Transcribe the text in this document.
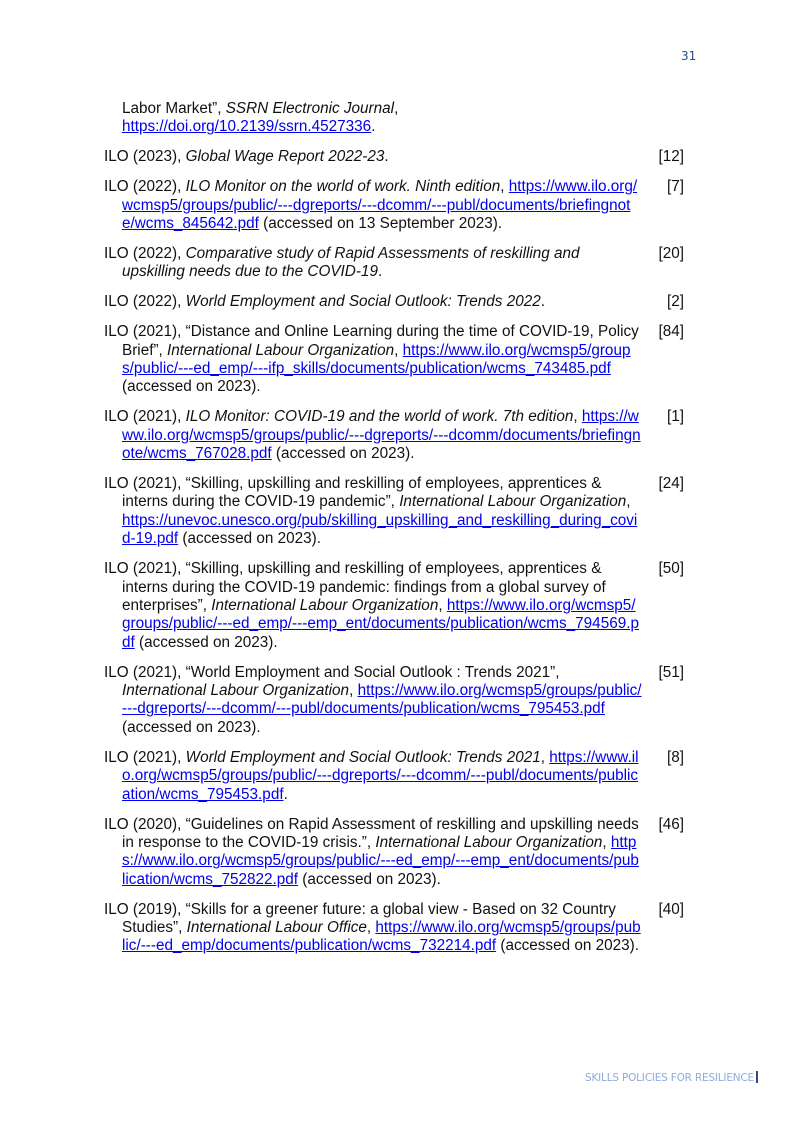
31
Labor Market”, SSRN Electronic Journal,
https://doi.org/10.2139/ssrn.4527336.
ILO (2023), Global Wage Report 2022-23.	[12]
ILO (2022), ILO Monitor on the world of work. Ninth edition, https://www.ilo.org/wcmsp5/groups/public/---dgreports/---dcomm/---publ/documents/briefingnote/wcms_845642.pdf (accessed on 13 September 2023).
[7]
ILO (2022), Comparative study of Rapid Assessments of reskilling and upskilling needs due to the COVID-19.
[20]
ILO (2022), World Employment and Social Outlook: Trends 2022.	[2]
ILO (2021), “Distance and Online Learning during the time of COVID-19, Policy Brief”, International Labour Organization, https://www.ilo.org/wcmsp5/groups/public/---ed_emp/---ifp_skills/documents/publication/wcms_743485.pdf (accessed on 2023).
[84]
ILO (2021), ILO Monitor: COVID-19 and the world of work. 7th edition, https://www.ilo.org/wcmsp5/groups/public/---dgreports/---dcomm/documents/briefingnote/wcms_767028.pdf (accessed on 2023).
[1]
ILO (2021), “Skilling, upskilling and reskilling of employees, apprentices & interns during the COVID-19 pandemic”, International Labour Organization, https://unevoc.unesco.org/pub/skilling_upskilling_and_reskilling_during_covid-19.pdf (accessed on 2023).
[24]
ILO (2021), “Skilling, upskilling and reskilling of employees, apprentices & interns during the COVID-19 pandemic: findings from a global survey of enterprises”, International Labour Organization, https://www.ilo.org/wcmsp5/groups/public/---ed_emp/---emp_ent/documents/publication/wcms_794569.pdf (accessed on 2023).
[50]
ILO (2021), “World Employment and Social Outlook : Trends 2021”, International Labour Organization, https://www.ilo.org/wcmsp5/groups/public/---dgreports/---dcomm/---publ/documents/publication/wcms_795453.pdf (accessed on 2023).
[51]
ILO (2021), World Employment and Social Outlook: Trends 2021, https://www.ilo.org/wcmsp5/groups/public/---dgreports/---dcomm/---publ/documents/publication/wcms_795453.pdf.
[8]
ILO (2020), “Guidelines on Rapid Assessment of reskilling and upskilling needs in response to the COVID-19 crisis.”, International Labour Organization, https://www.ilo.org/wcmsp5/groups/public/---ed_emp/---emp_ent/documents/publication/wcms_752822.pdf (accessed on 2023).
[46]
ILO (2019), “Skills for a greener future: a global view - Based on 32 Country Studies”, International Labour Office, https://www.ilo.org/wcmsp5/groups/public/---ed_emp/documents/publication/wcms_732214.pdf (accessed on 2023).
[40]
SKILLS POLICIES FOR RESILIENCE
